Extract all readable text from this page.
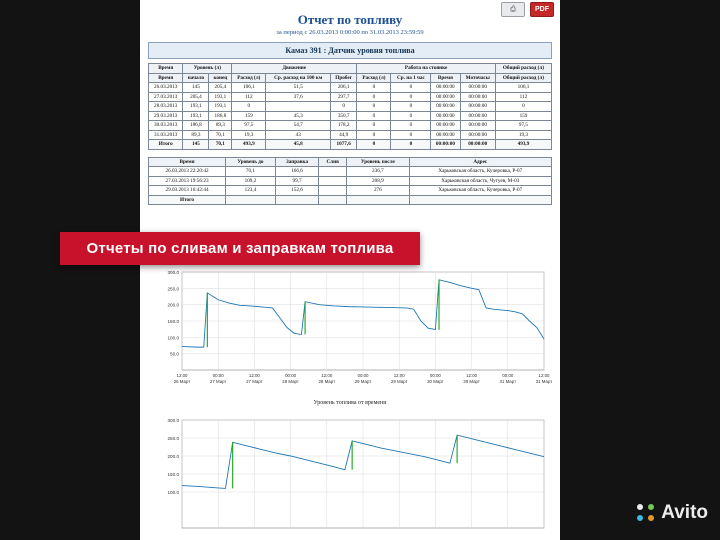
⎙	PDF
Отчет по топливу
за период с 26.03.2013 0:00:00 по 31.03.2013 23:59:59
Камаз 391 : Датчик уровня топлива
Время	Уровень (л)		Движение			Работа на стоянке				Общий расход (л)
Время	начало	конец	Расход (л)	Ср. расход на 100 км	Пробег	Расход (л)	Ср. на 1 час	Время	Моточасы	Общий расход (л)
26.03.2013	145	205,4	106,1	51,5	206,1	0	0	00:00:00	00:00:00	106,1
27.03.2013	205,4	193,1	112	37,6	297,7	0	0	00:00:00	00:00:00	112
28.03.2013	193,1	193,1	0		0	0	0	00:00:00	00:00:00	0
29.03.2013	193,1	186,8	159	45,3	350,7	0	0	00:00:00	00:00:00	159
30.03.2013	186,8	89,3	97,5	54,7	178,2	0	0	00:00:00	00:00:00	97,5
31.03.2013	89,3	70,1	19,3	43	44,9	0	0	00:00:00	00:00:00	19,3
Итого	145	70,1	493,9	45,8	1077,6	0	0	00:00:00	00:00:00	493,9
Время	Уровень до	Заправка	Слив	Уровень после	Адрес
26.03.2013 22:20:42	70,1	166,6		236,7	Харьковская область, Кучеровка, Р-07
27.03.2013 19:56:23	109,2	99,7		208,9	Харьковская область, Чугуев, М-03
29.03.2013 16:42:44	123,4	152,6		276	Харьковская область, Кучеровка, Р-07
Итого					
300.0
250.0
200.0
150.0
100.0
50.0
12:00
26 Март
00:00
27 Март
12:00
27 Март
00:00
28 Март
12:00
28 Март
00:00
29 Март
12:00
29 Март
00:00
30 Март
12:00
30 Март
00:00
31 Март
12:00
31 Март
Уровень топлива от времени
300.0
250.0
200.0
150.0
100.0
Отчеты по сливам и заправкам топлива
Avito
